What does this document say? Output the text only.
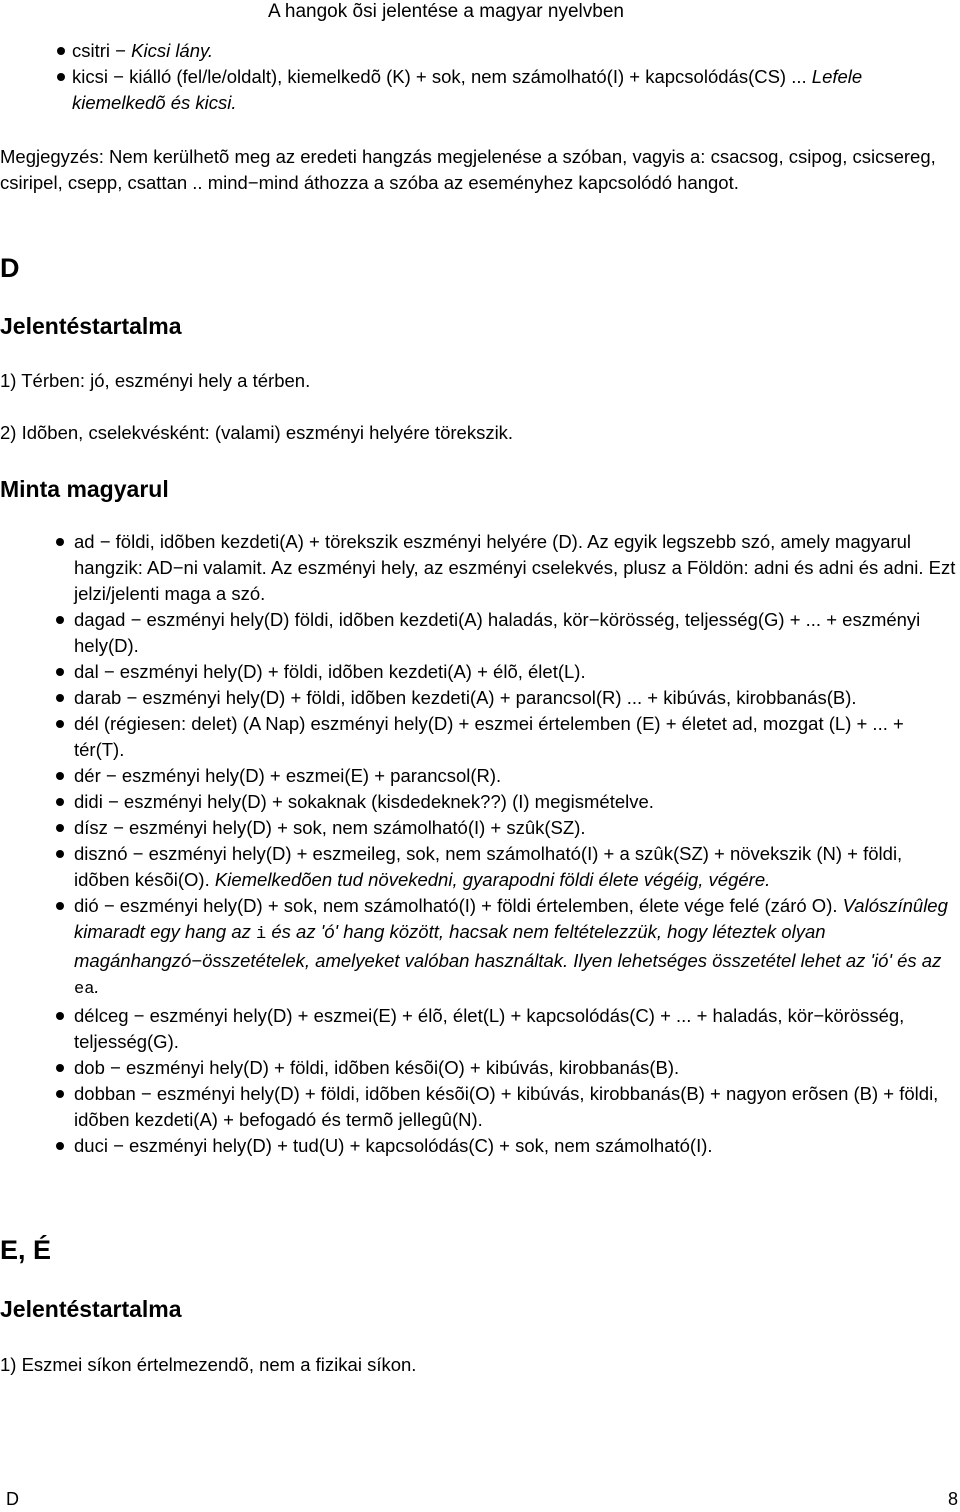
A hangok õsi jelentése a magyar nyelvben
csitri − Kicsi lány.
kicsi − kiálló (fel/le/oldalt), kiemelkedõ (K) + sok, nem számolható(I) + kapcsolódás(CS) ... Lefele kiemelkedõ és kicsi.
Megjegyzés: Nem kerülhetõ meg az eredeti hangzás megjelenése a szóban, vagyis a: csacsog, csipog, csicsereg, csiripel, csepp, csattan .. mind−mind áthozza a szóba az eseményhez kapcsolódó hangot.
D
Jelentéstartalma
1) Térben: jó, eszményi hely a térben.
2) Idõben, cselekvésként: (valami) eszményi helyére törekszik.
Minta magyarul
ad − földi, idõben kezdeti(A) + törekszik eszményi helyére (D). Az egyik legszebb szó, amely magyarul hangzik: AD−ni valamit. Az eszményi hely, az eszményi cselekvés, plusz a Földön: adni és adni és adni. Ezt jelzi/jelenti maga a szó.
dagad − eszményi hely(D) földi, idõben kezdeti(A) haladás, kör−körösség, teljesség(G) + ... + eszményi hely(D).
dal − eszményi hely(D) + földi, idõben kezdeti(A) + élõ, élet(L).
darab − eszményi hely(D) + földi, idõben kezdeti(A) + parancsol(R) ... + kibúvás, kirobbanás(B).
dél (régiesen: delet) (A Nap) eszményi hely(D) + eszmei értelemben (E) + életet ad, mozgat (L) + ... + tér(T).
dér − eszményi hely(D) + eszmei(E) + parancsol(R).
didi − eszményi hely(D) + sokaknak (kisdedeknek??) (I) megismételve.
dísz − eszményi hely(D) + sok, nem számolható(I) + szûk(SZ).
disznó − eszményi hely(D) + eszmeileg, sok, nem számolható(I) + a szûk(SZ) + növekszik (N) + földi, idõben késõi(O). Kiemelkedõen tud növekedni, gyarapodni földi élete végéig, végére.
dió − eszményi hely(D) + sok, nem számolható(I) + földi értelemben, élete vége felé (záró O). Valószínûleg kimaradt egy hang az i és az 'ó' hang között, hacsak nem feltételezzük, hogy léteztek olyan magánhangzó−összetételek, amelyeket valóban használtak. Ilyen lehetséges összetétel lehet az 'ió' és az ea.
délceg − eszményi hely(D) + eszmei(E) + élõ, élet(L) + kapcsolódás(C) + ... + haladás, kör−körösség, teljesség(G).
dob − eszményi hely(D) + földi, idõben késõi(O) + kibúvás, kirobbanás(B).
dobban − eszményi hely(D) + földi, idõben késõi(O) + kibúvás, kirobbanás(B) + nagyon erõsen (B) + földi, idõben kezdeti(A) + befogadó és termõ jellegû(N).
duci − eszményi hely(D) + tud(U) + kapcsolódás(C) + sok, nem számolható(I).
E, É
Jelentéstartalma
1) Eszmei síkon értelmezendõ, nem a fizikai síkon.
D	8
